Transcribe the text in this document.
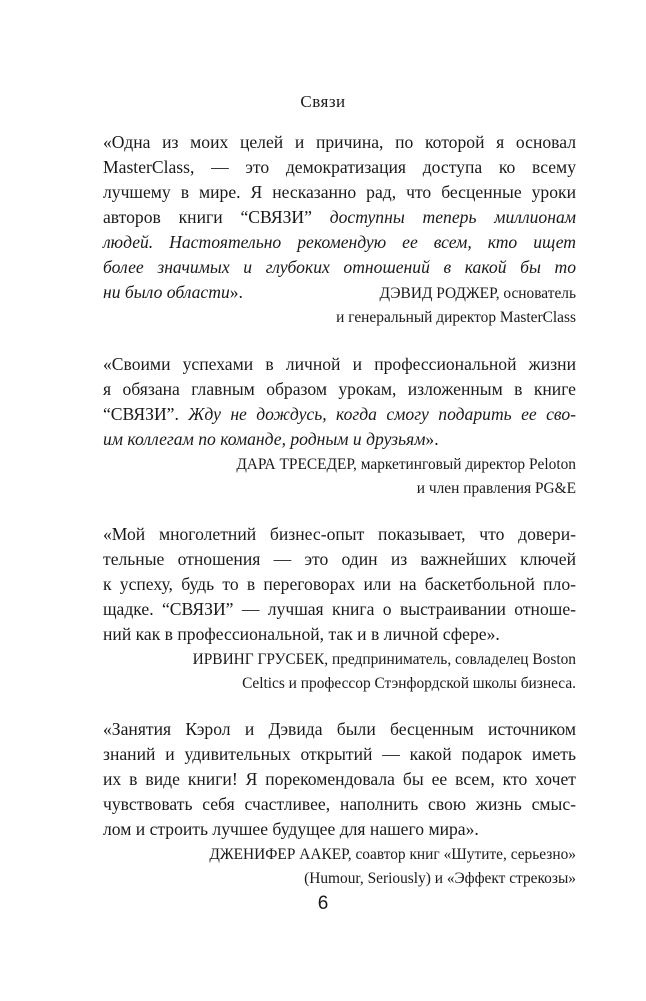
Связи
«Одна из моих целей и причина, по которой я основал
MasterClass, — это демократизация доступа ко всему
лучшему в мире. Я несказанно рад, что бесценные уроки
авторов книги “СВЯЗИ” доступны теперь миллионам
людей. Настоятельно рекомендую ее всем, кто ищет
более значимых и глубоких отношений в какой бы то
ни было области».	ДЭВИД РОДЖЕР, основатель
и генеральный директор MasterClass
«Своими успехами в личной и профессиональной жизни
я обязана главным образом урокам, изложенным в книге
“СВЯЗИ”. Жду не дождусь, когда смогу подарить ее сво-
им коллегам по команде, родным и друзьям».
ДАРА ТРЕСЕДЕР, маркетинговый директор Peloton
и член правления PG&E
«Мой многолетний бизнес-опыт показывает, что довери-
тельные отношения — это один из важнейших ключей
к успеху, будь то в переговорах или на баскетбольной пло-
щадке. “СВЯЗИ” — лучшая книга о выстраивании отноше-
ний как в профессиональной, так и в личной сфере».
ИРВИНГ ГРУСБЕК, предприниматель, совладелец Boston
Celtics и профессор Стэнфордской школы бизнеса.
«Занятия Кэрол и Дэвида были бесценным источником
знаний и удивительных открытий — какой подарок иметь
их в виде книги! Я порекомендовала бы ее всем, кто хочет
чувствовать себя счастливее, наполнить свою жизнь смыс-
лом и строить лучшее будущее для нашего мира».
ДЖЕНИФЕР ААКЕР, соавтор книг «Шутите, серьезно»
(Humour, Seriously) и «Эффект стрекозы»
6
